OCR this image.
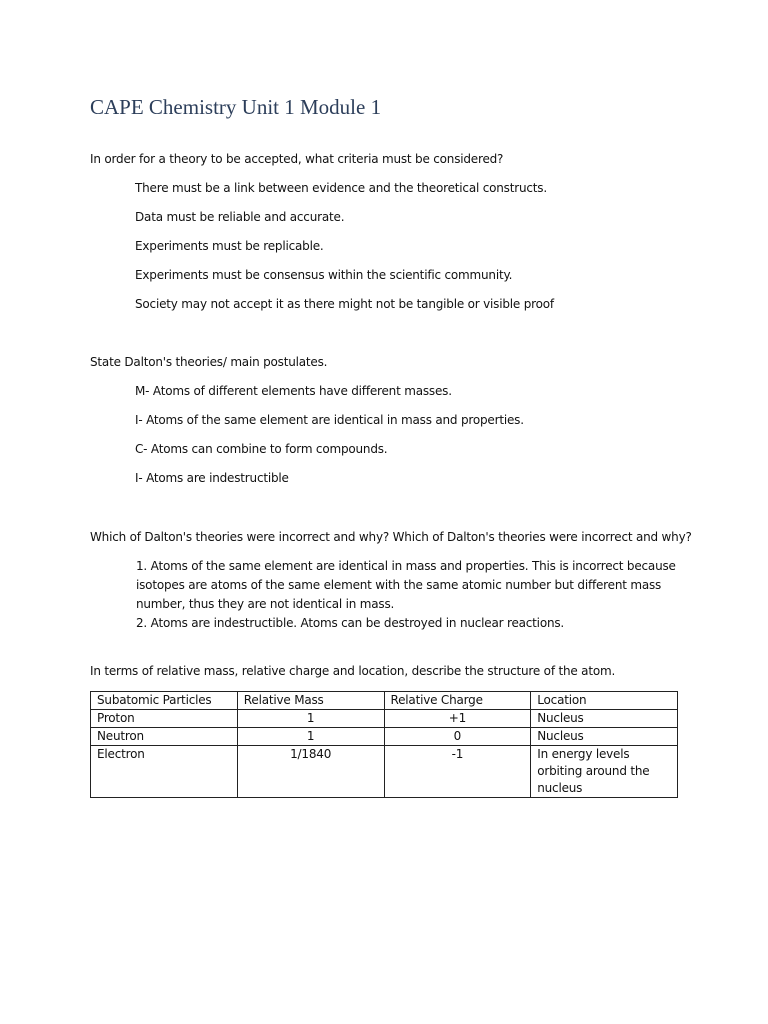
CAPE Chemistry Unit 1 Module 1
In order for a theory to be accepted, what criteria must be considered?
There must be a link between evidence and the theoretical constructs.
Data must be reliable and accurate.
Experiments must be replicable.
Experiments must be consensus within the scientific community.
Society may not accept it as there might not be tangible or visible proof
State Dalton's theories/ main postulates.
M- Atoms of different elements have different masses.
I- Atoms of the same element are identical in mass and properties.
C- Atoms can combine to form compounds.
I- Atoms are indestructible
Which of Dalton's theories were incorrect and why? Which of Dalton's theories were incorrect and why?
1. Atoms of the same element are identical in mass and properties. This is incorrect because isotopes are atoms of the same element with the same atomic number but different mass number, thus they are not identical in mass.
2. Atoms are indestructible. Atoms can be destroyed in nuclear reactions.
In terms of relative mass, relative charge and location, describe the structure of the atom.
Subatomic Particles	Relative Mass	Relative Charge	Location
Proton	1	+1	Nucleus
Neutron	1	0	Nucleus
Electron	1/1840	-1	In energy levels orbiting around the nucleus
